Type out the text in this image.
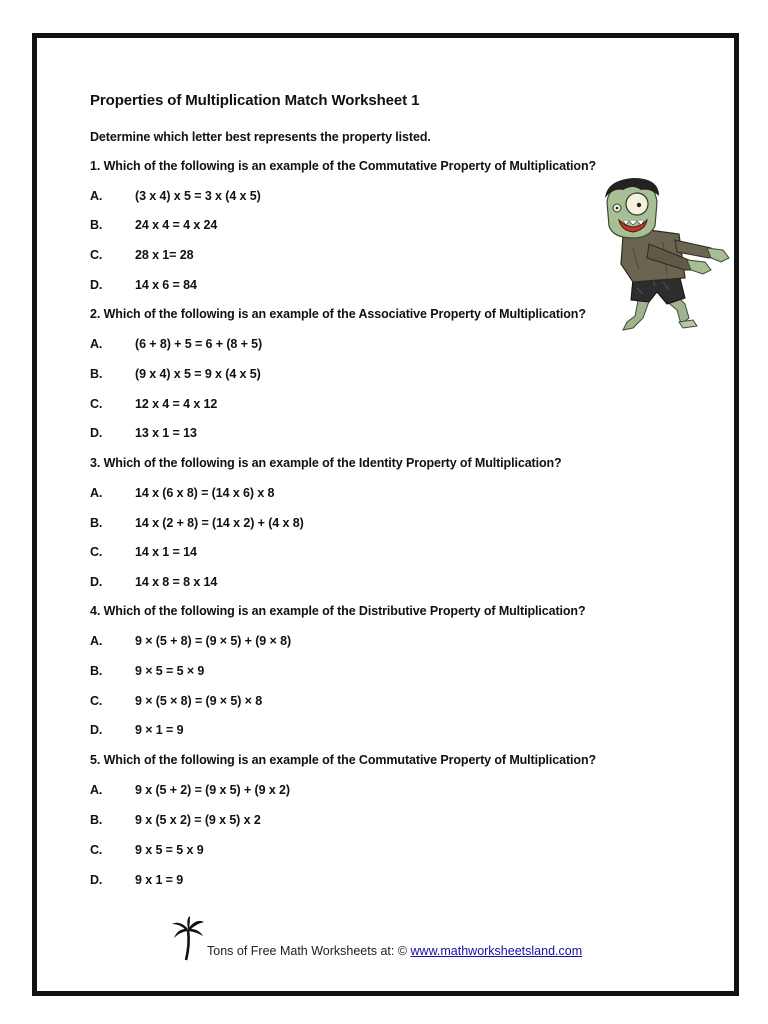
Properties of Multiplication Match Worksheet 1
Determine which letter best represents the property listed.
1. Which of the following is an example of the Commutative Property of Multiplication?
A.	(3 x 4) x 5 = 3 x (4 x 5)
B.	24 x 4 = 4 x 24
C.	28 x 1= 28
D.	14 x 6 = 84
2. Which of the following is an example of the Associative Property of Multiplication?
A.	(6 + 8) + 5 = 6 + (8 + 5)
B.	(9 x 4) x 5 = 9 x (4 x 5)
C.	12 x 4 = 4 x 12
D.	13 x 1 = 13
3. Which of the following is an example of the Identity Property of Multiplication?
A.	14 x (6 x 8) = (14 x 6) x 8
B.	14 x (2 + 8) = (14 x 2) + (4 x 8)
C.	14 x 1 = 14
D.	14 x 8 = 8 x 14
4. Which of the following is an example of the Distributive Property of Multiplication?
A.	9 × (5 + 8) = (9 × 5) + (9 × 8)
B.	9 × 5 = 5 × 9
C.	9 × (5 × 8) = (9 × 5) × 8
D.	9 × 1 = 9
5. Which of the following is an example of the Commutative Property of Multiplication?
A.	9 x (5 + 2) = (9 x 5) + (9 x 2)
B.	9 x (5 x 2) = (9 x 5) x 2
C.	9 x 5 = 5 x 9
D.	9 x 1 = 9
Tons of Free Math Worksheets at: © www.mathworksheetsland.com
